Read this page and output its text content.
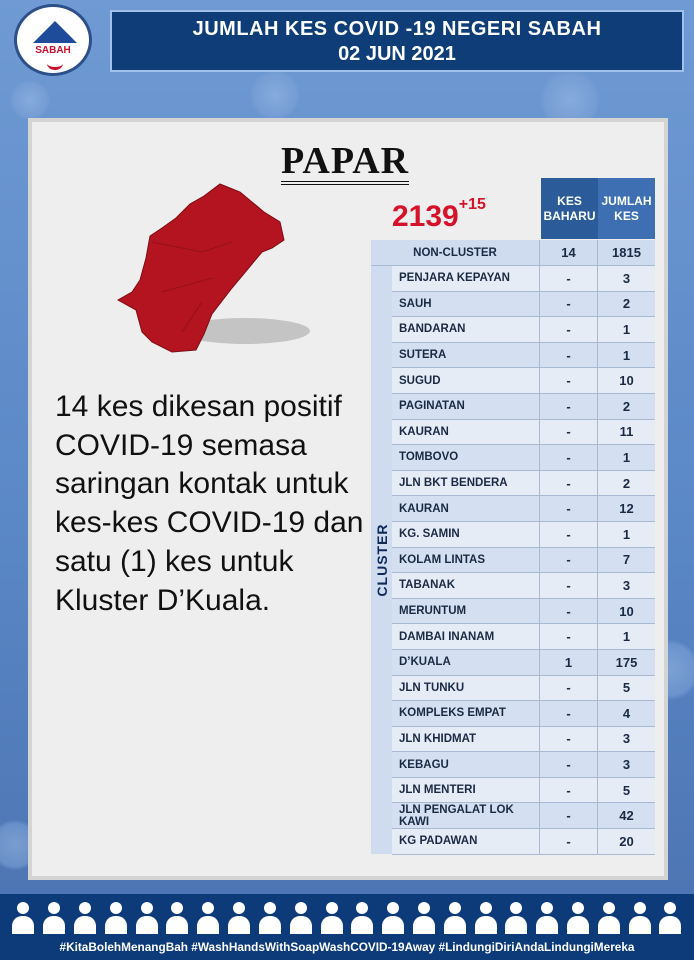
SABAH
JUMLAH KES COVID -19 NEGERI SABAH
02 JUN 2021
PAPAR
$2139^{+15}$
14 kes dikesan positif COVID-19 semasa saringan kontak untuk kes-kes COVID-19 dan satu (1) kes untuk Kluster D’Kuala.
KES BAHARU
JUMLAH KES
CLUSTER
NON-CLUSTER	14	1815
PENJARA KEPAYAN	-	3
SAUH	-	2
BANDARAN	-	1
SUTERA	-	1
SUGUD	-	10
PAGINATAN	-	2
KAURAN	-	11
TOMBOVO	-	1
JLN BKT BENDERA	-	2
KAURAN	-	12
KG. SAMIN	-	1
KOLAM LINTAS	-	7
TABANAK	-	3
MERUNTUM	-	10
DAMBAI INANAM	-	1
D’KUALA	1	175
JLN TUNKU	-	5
KOMPLEKS EMPAT	-	4
JLN KHIDMAT	-	3
KEBAGU	-	3
JLN MENTERI	-	5
JLN PENGALAT LOK KAWI	-	42
KG PADAWAN	-	20
#KitaBolehMenangBah #WashHandsWithSoapWashCOVID-19Away #LindungiDiriAndaLindungiMereka
